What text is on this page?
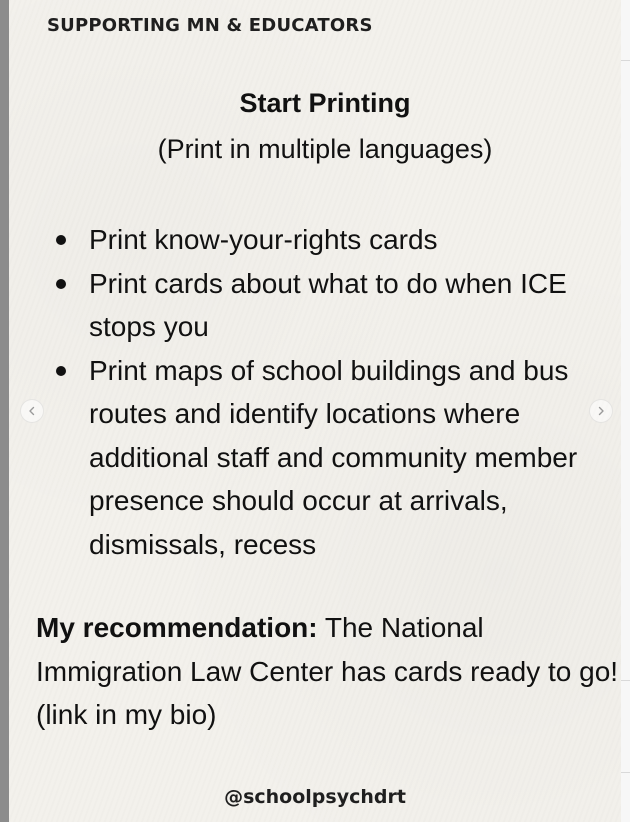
SUPPORTING MN & EDUCATORS
Start Printing

(Print in multiple languages)

Print know-your-rights cards
Print cards about what to do when ICE stops you
Print maps of school buildings and bus routes and identify locations where additional staff and community member presence should occur at arrivals, dismissals, recess

My recommendation: The National Immigration Law Center has cards ready to go! (link in my bio)

@schoolpsychdrt
